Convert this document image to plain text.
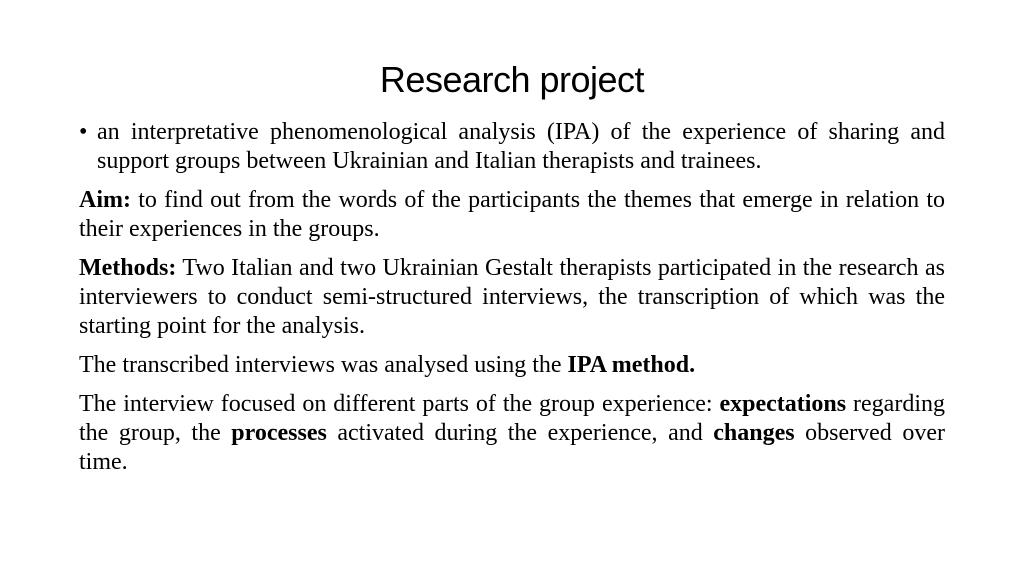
Research project
• an interpretative phenomenological analysis (IPA) of the experience of sharing and support groups between Ukrainian and Italian therapists and trainees.

Aim: to find out from the words of the participants the themes that emerge in relation to their experiences in the groups.

Methods: Two Italian and two Ukrainian Gestalt therapists participated in the research as interviewers to conduct semi-structured interviews, the transcription of which was the starting point for the analysis.

The transcribed interviews was analysed using the IPA method.

The interview focused on different parts of the group experience: expectations regarding the group, the processes activated during the experience, and changes observed over time.
